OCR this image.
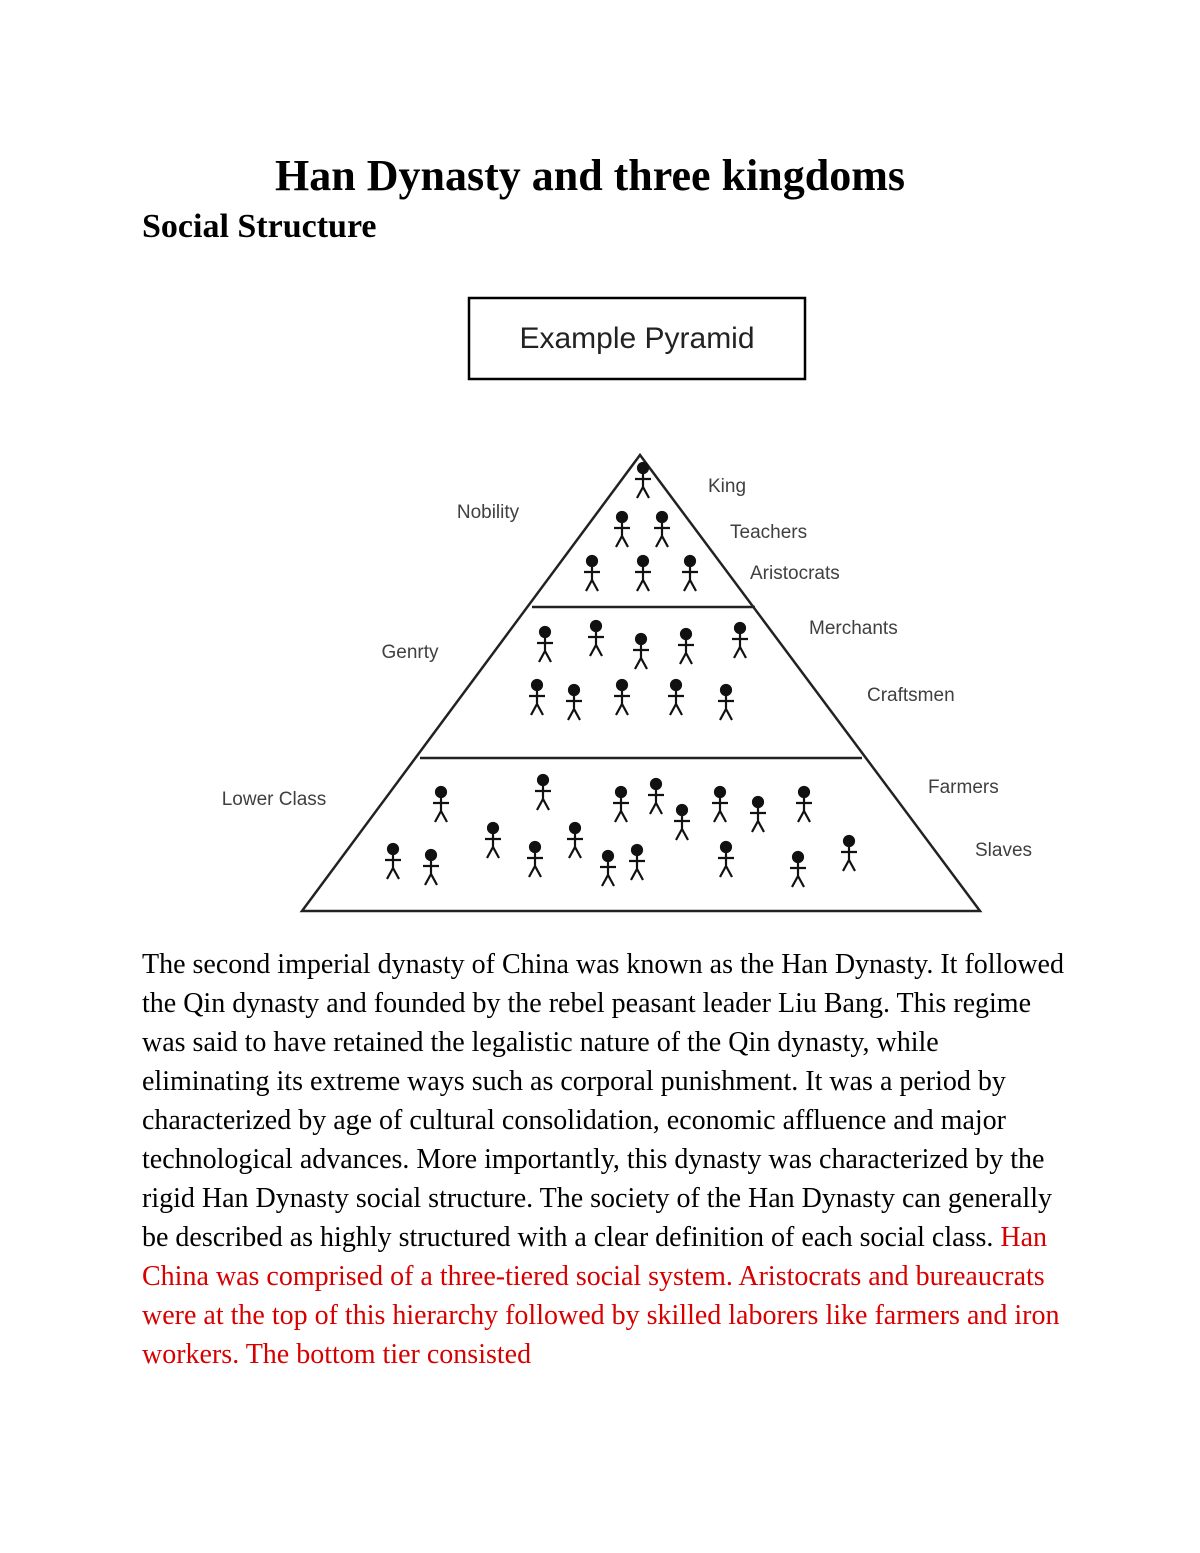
Han Dynasty and three kingdoms
Social Structure
Example Pyramid
Nobility
Genrty
Lower Class
King
Teachers
Aristocrats
Merchants
Craftsmen
Farmers
Slaves

The second imperial dynasty of China was known as the Han Dynasty. It followed the Qin dynasty and founded by the rebel peasant leader Liu Bang. This regime was said to have retained the legalistic nature of the Qin dynasty, while eliminating its extreme ways such as corporal punishment. It was a period by characterized by age of cultural consolidation, economic affluence and major technological advances. More importantly, this dynasty was characterized by the rigid Han Dynasty social structure. The society of the Han Dynasty can generally be described as highly structured with a clear definition of each social class. Han China was comprised of a three-tiered social system. Aristocrats and bureaucrats were at the top of this hierarchy followed by skilled laborers like farmers and iron workers. The bottom tier consisted
